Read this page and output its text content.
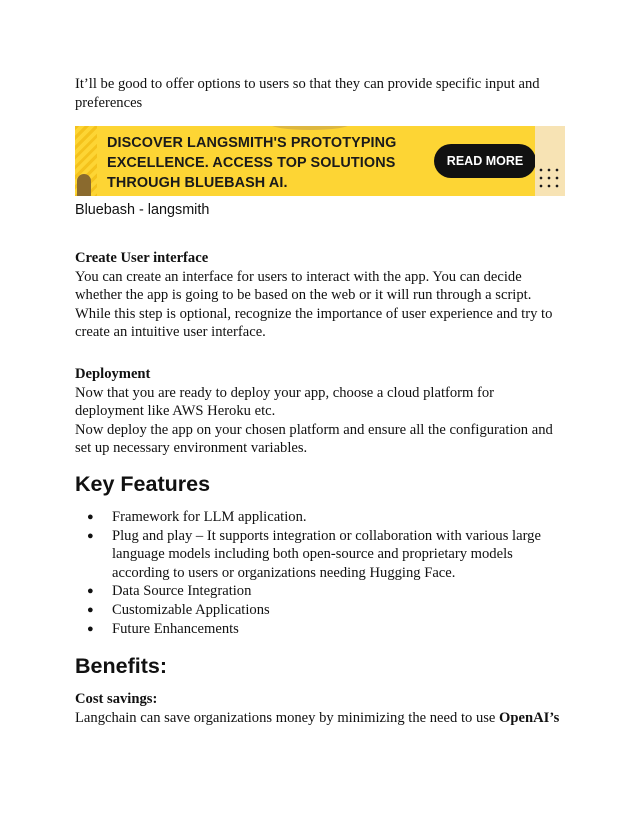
It’ll be good to offer options to users so that they can provide specific input and preferences

DISCOVER LANGSMITH'S PROTOTYPING
EXCELLENCE. ACCESS TOP SOLUTIONS
THROUGH BLUEBASH AI.
READ MORE
Bluebash - langsmith

Create User interface

You can create an interface for users to interact with the app. You can decide whether the app is going to be based on the web or it will run through a script. While this step is optional, recognize the importance of user experience and try to create an intuitive user interface.

Deployment

Now that you are ready to deploy your app, choose a cloud platform for deployment like AWS Heroku etc.

Now deploy the app on your chosen platform and ensure all the configuration and set up necessary environment variables.

Key Features
● Framework for LLM application.
● Plug and play – It supports integration or collaboration with various large language models including both open-source and proprietary models according to users or organizations needing Hugging Face.
● Data Source Integration
● Customizable Applications
● Future Enhancements
Benefits:

Cost savings:

Langchain can save organizations money by minimizing the need to use OpenAI’s
